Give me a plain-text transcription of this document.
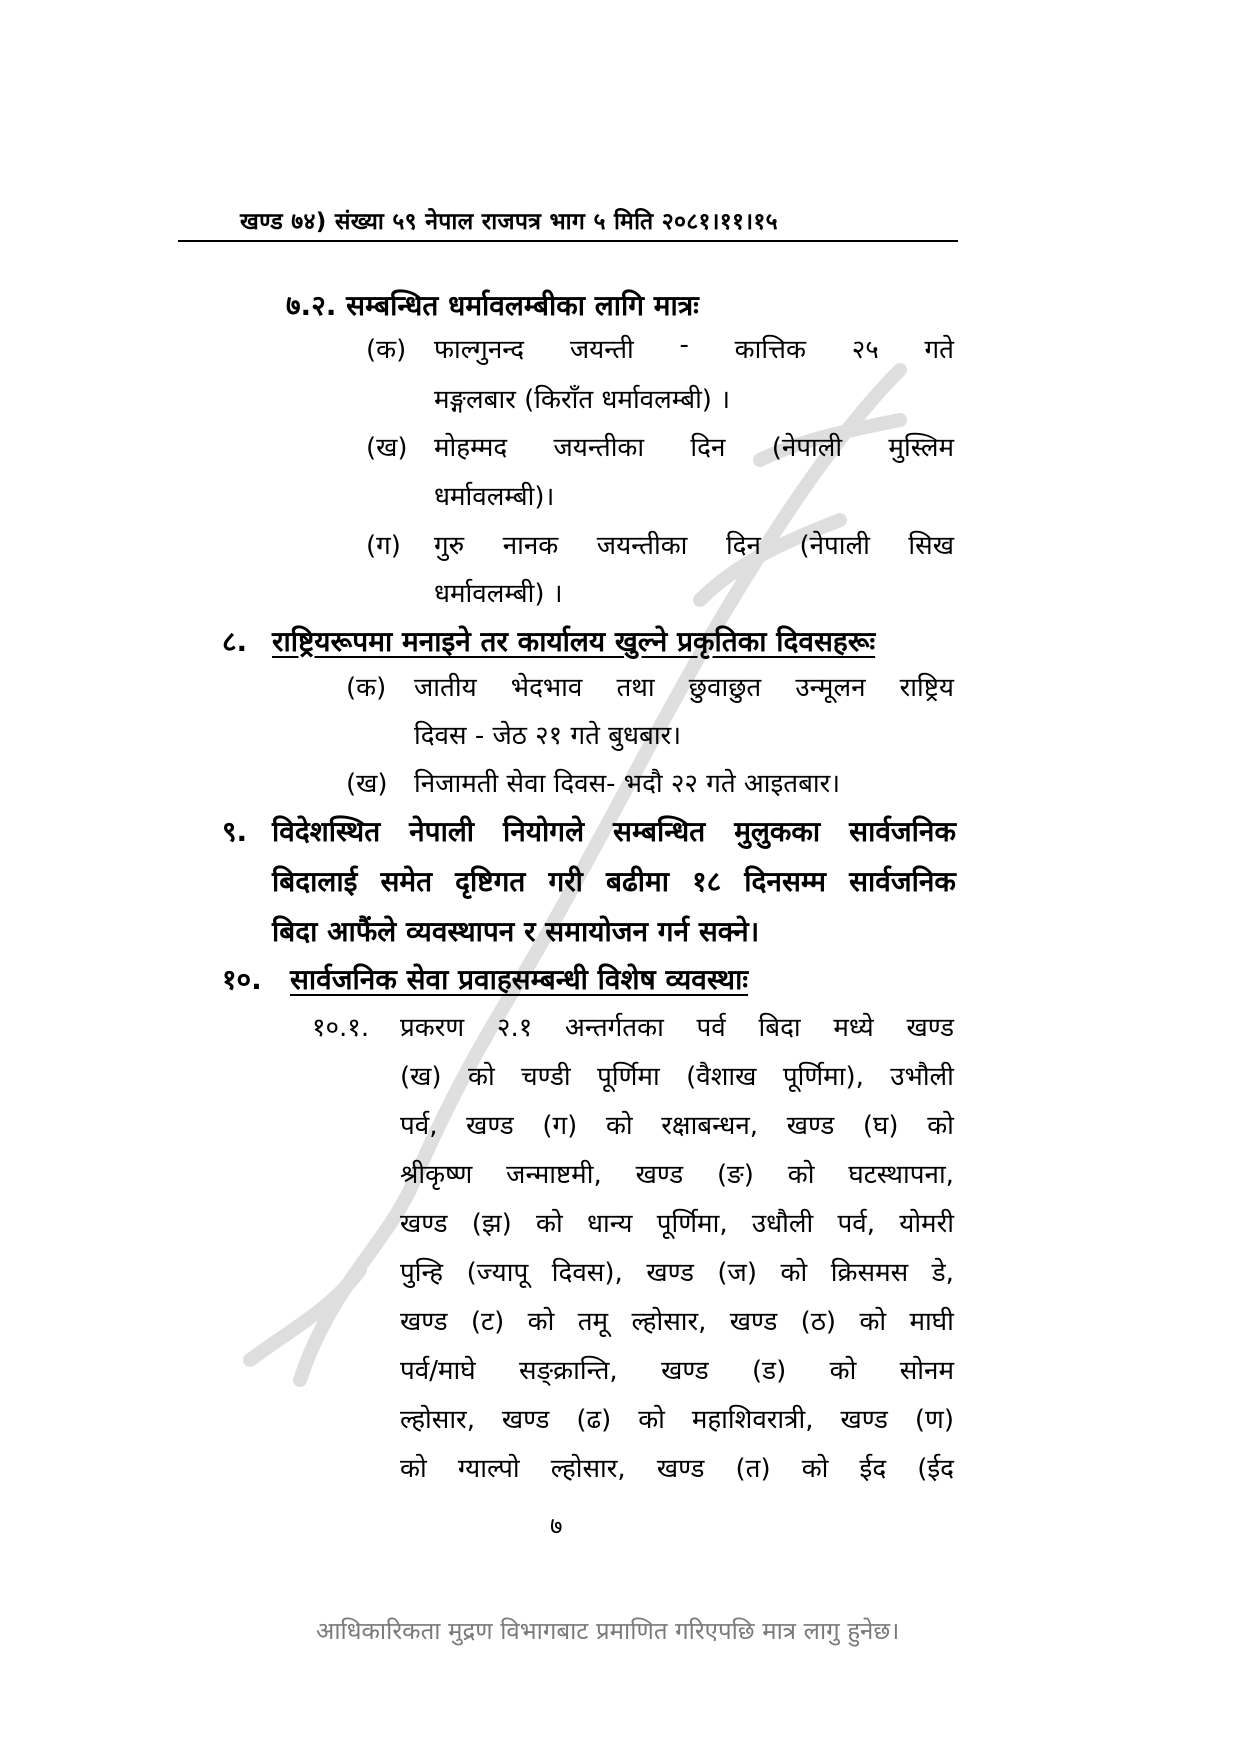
खण्ड ७४) संख्या ५९ नेपाल राजपत्र भाग ५ मिति २०८१।११।१५
७.२. सम्बन्धित धर्मावलम्बीका लागि मात्रः
(क) फाल्गुनन्द जयन्ती - कात्तिक २५ गते
मङ्गलबार (किराँत धर्मावलम्बी) ।
(ख) मोहम्मद जयन्तीका दिन (नेपाली मुस्लिम
धर्मावलम्बी)।
(ग) गुरु नानक जयन्तीका दिन (नेपाली सिख
धर्मावलम्बी) ।
८. राष्ट्रियरूपमा मनाइने तर कार्यालय खुल्ने प्रकृतिका दिवसहरूः
(क) जातीय भेदभाव तथा छुवाछुत उन्मूलन राष्ट्रिय
दिवस - जेठ २१ गते बुधबार।
(ख) निजामती सेवा दिवस- भदौ २२ गते आइतबार।
९. विदेशस्थित नेपाली नियोगले सम्बन्धित मुलुकका सार्वजनिक
बिदालाई समेत दृष्टिगत गरी बढीमा १८ दिनसम्म सार्वजनिक
बिदा आफैंले व्यवस्थापन र समायोजन गर्न सक्ने।
१०. सार्वजनिक सेवा प्रवाहसम्बन्धी विशेष व्यवस्थाः
१०.१. प्रकरण २.१ अन्तर्गतका पर्व बिदा मध्ये खण्ड
(ख) को चण्डी पूर्णिमा (वैशाख पूर्णिमा), उभौली
पर्व, खण्ड (ग) को रक्षाबन्धन, खण्ड (घ) को
श्रीकृष्ण जन्माष्टमी, खण्ड (ङ) को घटस्थापना,
खण्ड (झ) को धान्य पूर्णिमा, उधौली पर्व, योमरी
पुन्हि (ज्यापू दिवस), खण्ड (ज) को क्रिसमस डे,
खण्ड (ट) को तमू ल्होसार, खण्ड (ठ) को माघी
पर्व/माघे सङ्क्रान्ति, खण्ड (ड) को सोनम
ल्होसार, खण्ड (ढ) को महाशिवरात्री, खण्ड (ण)
को ग्याल्पो ल्होसार, खण्ड (त) को ईद (ईद
७
आधिकारिकता मुद्रण विभागबाट प्रमाणित गरिएपछि मात्र लागु हुनेछ।
